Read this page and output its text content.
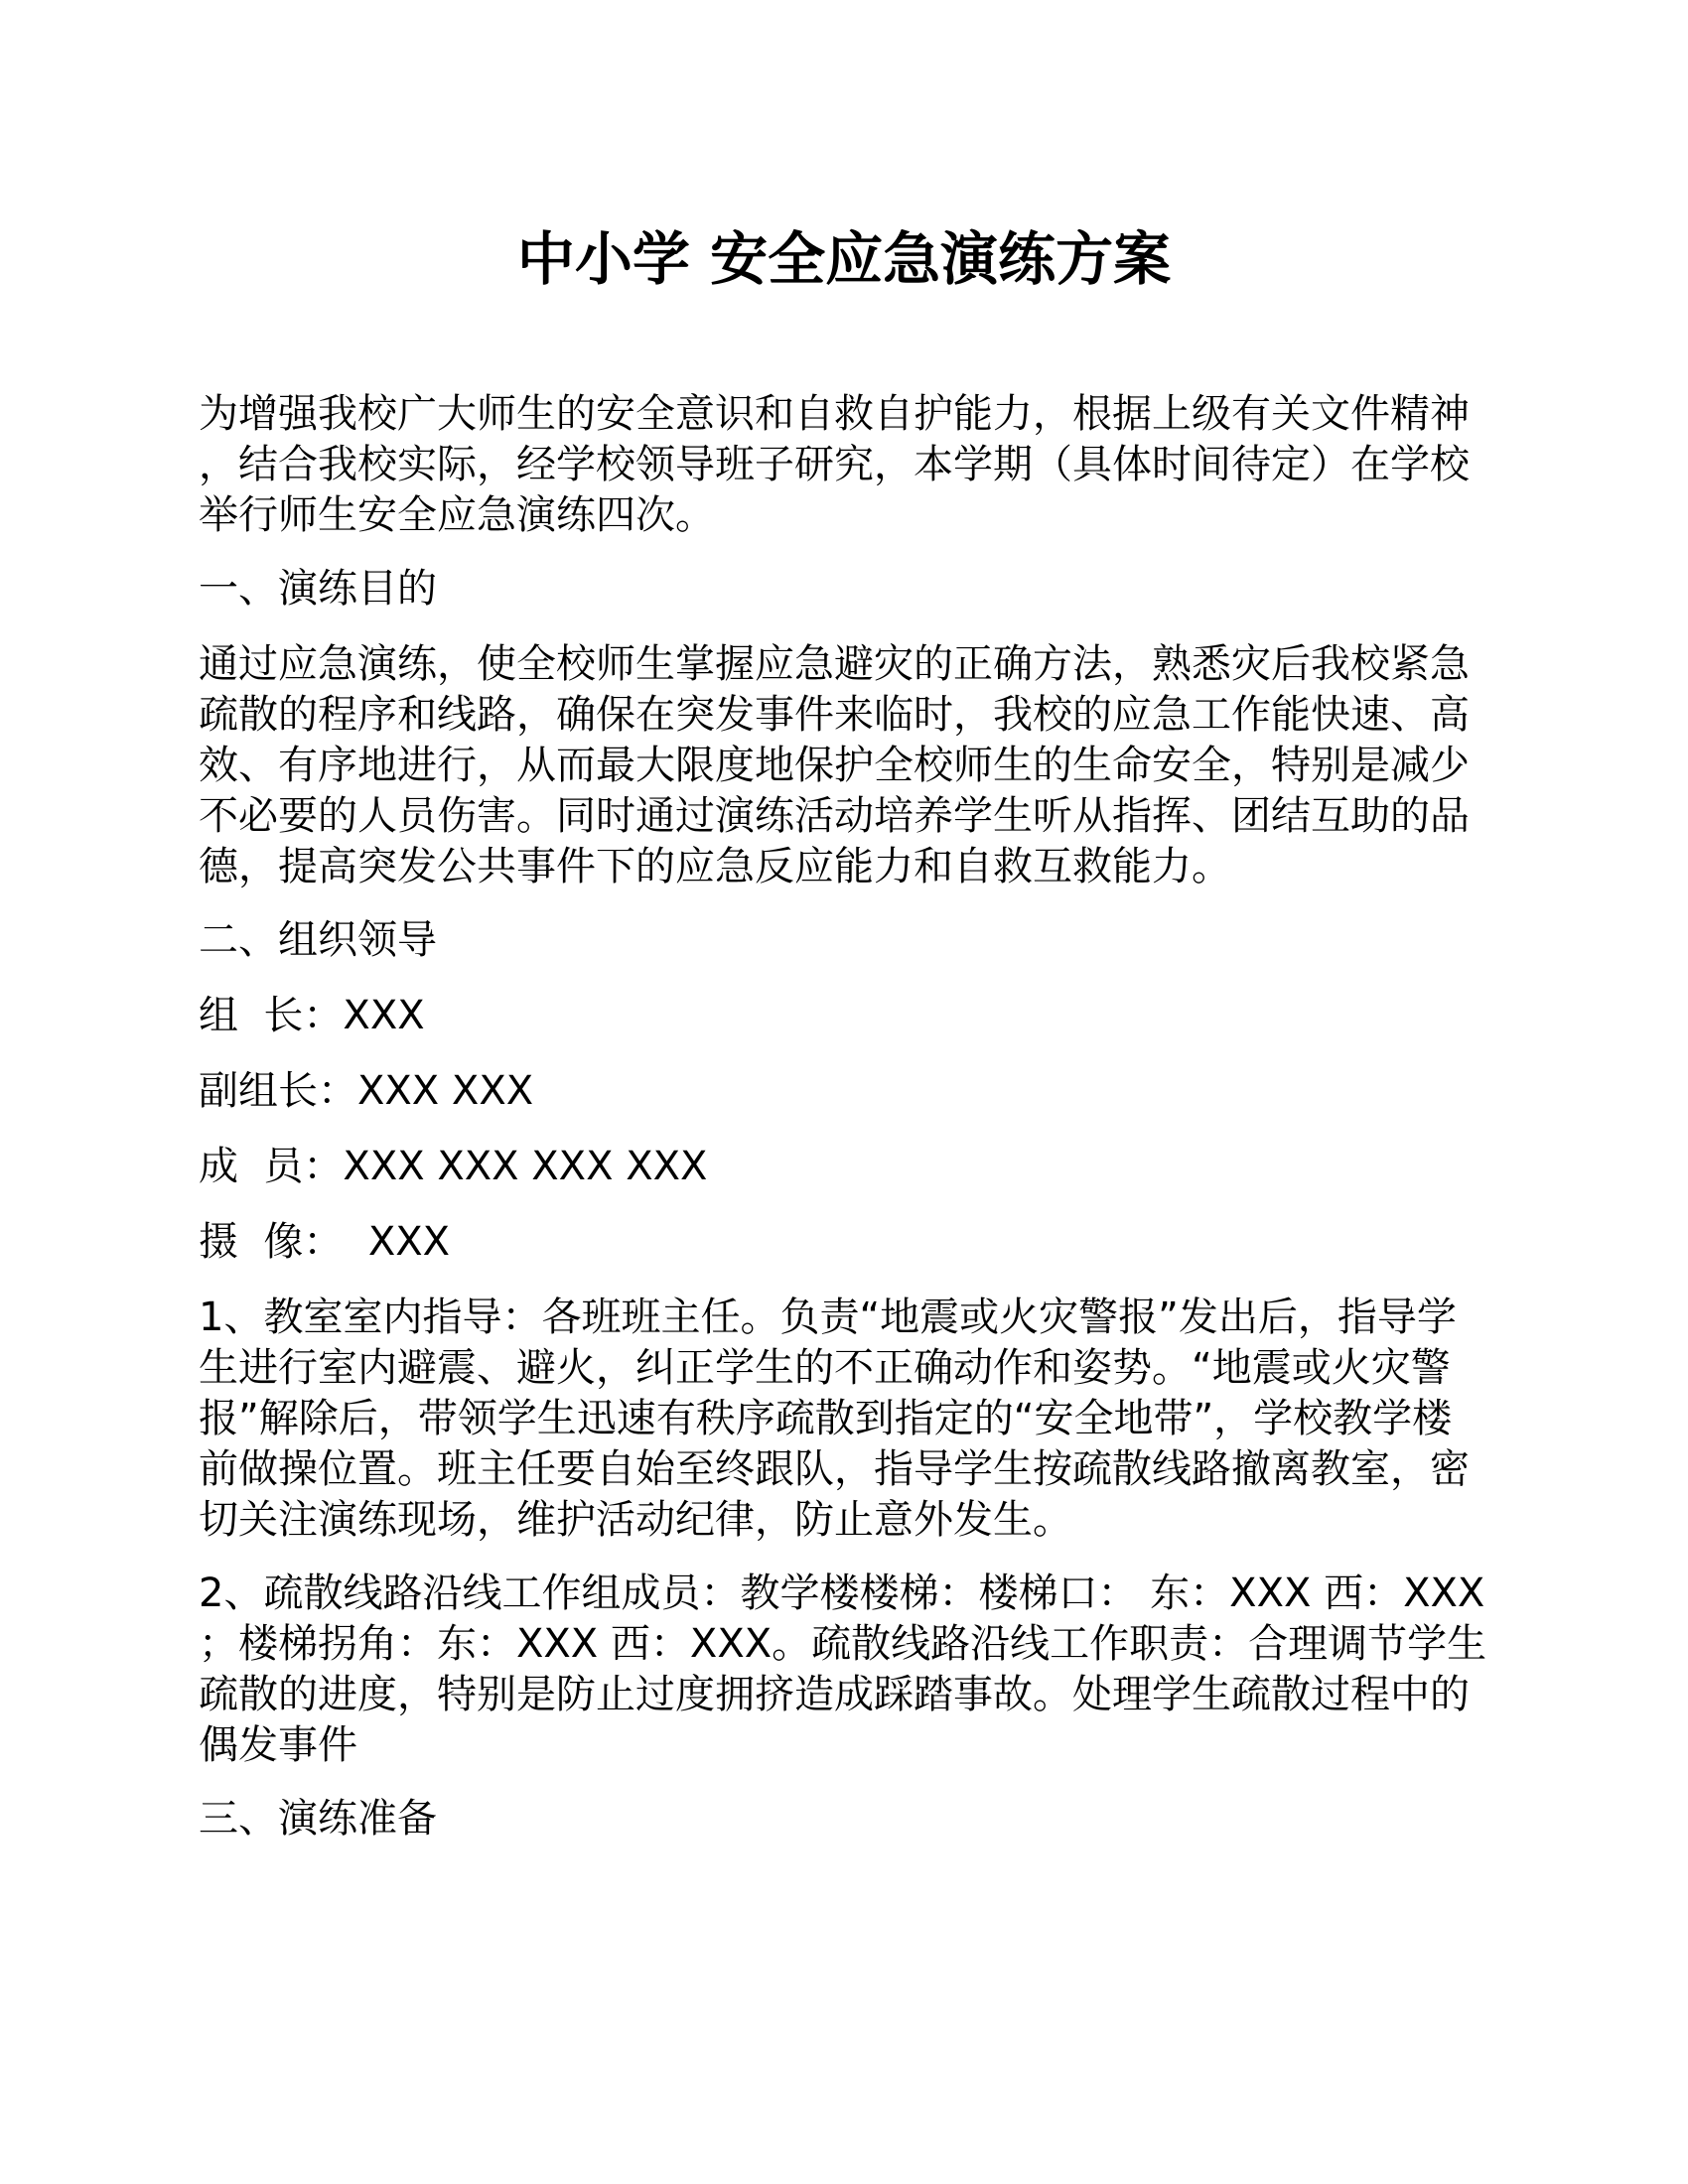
中小学 安全应急演练方案

为增强我校广大师生的安全意识和自救自护能力，根据上级有关文件精神，结合我校实际，经学校领导班子研究，本学期（具体时间待定）在学校举行师生安全应急演练四次。

一、演练目的

通过应急演练，使全校师生掌握应急避灾的正确方法，熟悉灾后我校紧急疏散的程序和线路，确保在突发事件来临时，我校的应急工作能快速、高效、有序地进行，从而最大限度地保护全校师生的生命安全，特别是减少不必要的人员伤害。同时通过演练活动培养学生听从指挥、团结互助的品德，提高突发公共事件下的应急反应能力和自救互救能力。

二、组织领导

组  长：XXX

副组长：XXX XXX

成  员：XXX XXX XXX XXX

摄  像：  XXX

1、教室室内指导：各班班主任。负责“地震或火灾警报”发出后，指导学生进行室内避震、避火，纠正学生的不正确动作和姿势。“地震或火灾警报”解除后，带领学生迅速有秩序疏散到指定的“安全地带”，学校教学楼前做操位置。班主任要自始至终跟队，指导学生按疏散线路撤离教室，密切关注演练现场，维护活动纪律，防止意外发生。

2、疏散线路沿线工作组成员：教学楼楼梯：楼梯口： 东：XXX 西：XXX；楼梯拐角：东：XXX 西：XXX。疏散线路沿线工作职责：合理调节学生疏散的进度，特别是防止过度拥挤造成踩踏事故。处理学生疏散过程中的偶发事件

三、演练准备
